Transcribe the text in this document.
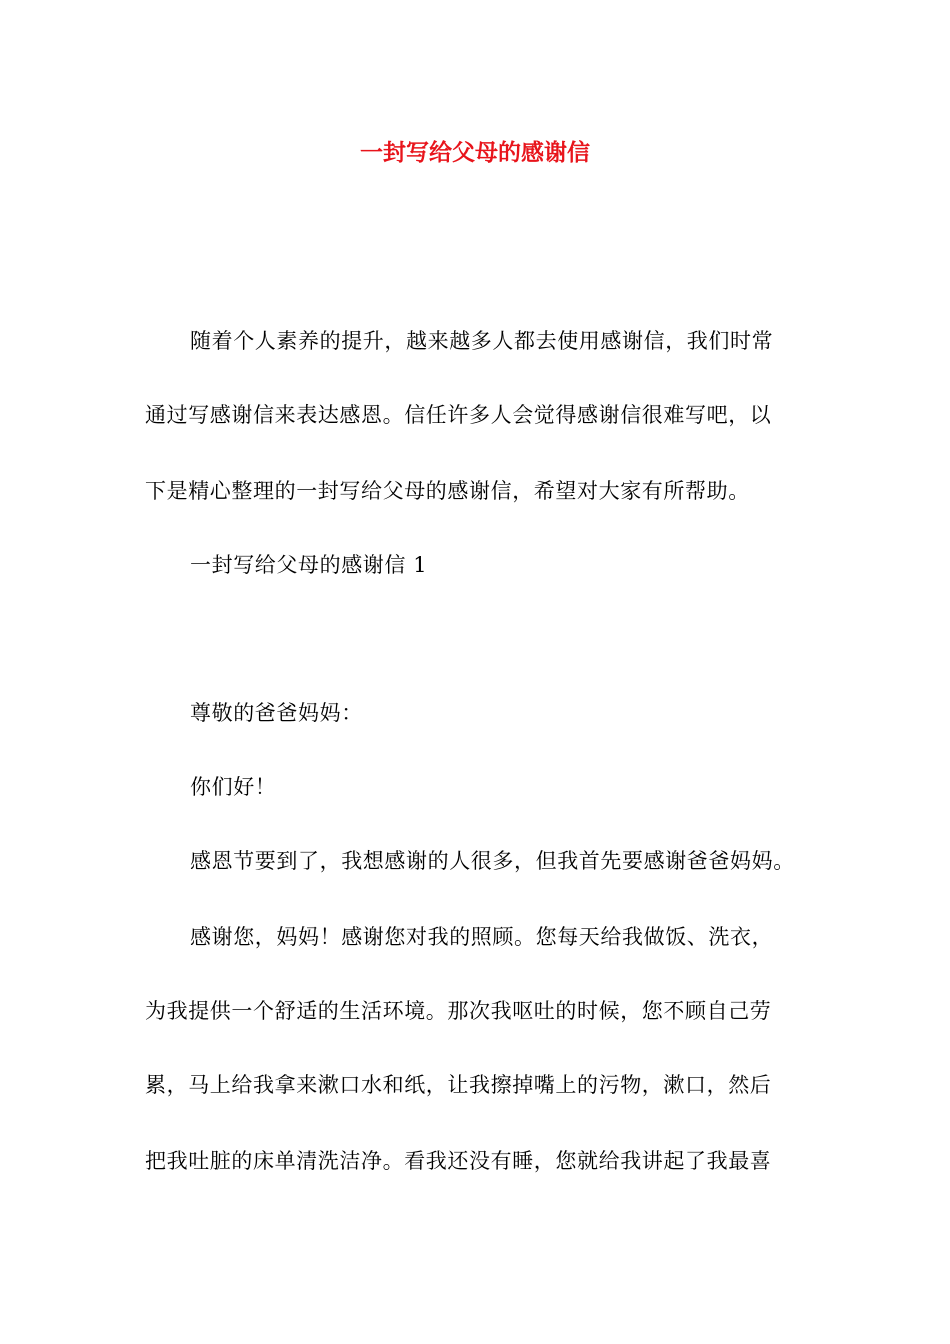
一封写给父母的感谢信
随着个人素养的提升，越来越多人都去使用感谢信，我们时常
通过写感谢信来表达感恩。信任许多人会觉得感谢信很难写吧，以
下是精心整理的一封写给父母的感谢信，希望对大家有所帮助。
一封写给父母的感谢信 1
尊敬的爸爸妈妈：
你们好！
感恩节要到了，我想感谢的人很多，但我首先要感谢爸爸妈妈。
感谢您，妈妈！感谢您对我的照顾。您每天给我做饭、洗衣，
为我提供一个舒适的生活环境。那次我呕吐的时候，您不顾自己劳
累，马上给我拿来漱口水和纸，让我擦掉嘴上的污物，漱口，然后
把我吐脏的床单清洗洁净。看我还没有睡，您就给我讲起了我最喜
